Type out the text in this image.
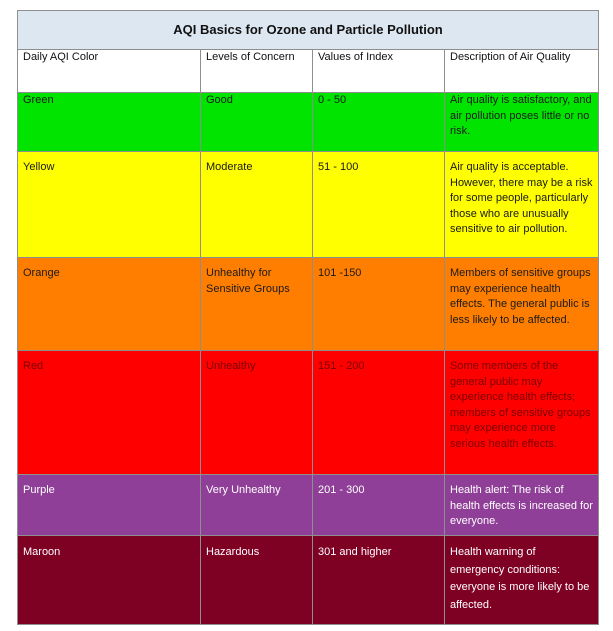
AQI Basics for Ozone and Particle Pollution			
Daily AQI Color	Levels of Concern	Values of Index	Description of Air Quality
Green	Good	0 - 50	Air quality is satisfactory, and air pollution poses little or no risk.

Yellow	Moderate	51 - 100	Air quality is acceptable. However, there may be a risk for some people, particularly those who are unusually sensitive to air pollution.

Orange	Unhealthy for Sensitive Groups	101 -150	Members of sensitive groups may experience health effects. The general public is less likely to be affected.

Red	Unhealthy	151 - 200	Some members of the general public may experience health effects; members of sensitive groups may experience more serious health effects.

Purple	Very Unhealthy	201 - 300	Health alert: The risk of health effects is increased for everyone.

Maroon	Hazardous	301 and higher	Health warning of emergency conditions: everyone is more likely to be affected.
